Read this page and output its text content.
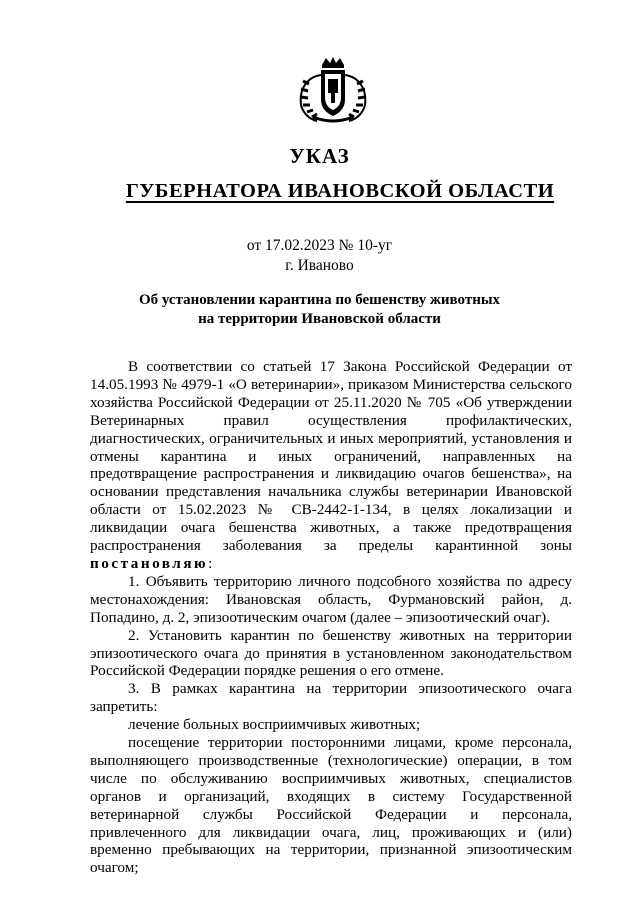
УКАЗ
ГУБЕРНАТОРА ИВАНОВСКОЙ ОБЛАСТИ
от 17.02.2023 № 10-уг
г. Иваново
Об установлении карантина по бешенству животных
на территории Ивановской области

В соответствии со статьей 17 Закона Российской Федерации от 14.05.1993 № 4979-1 «О ветеринарии», приказом Министерства сельского хозяйства Российской Федерации от 25.11.2020 № 705 «Об утверждении Ветеринарных правил осуществления профилактических, диагностических, ограничительных и иных мероприятий, установления и отмены карантина и иных ограничений, направленных на предотвращение распространения и ликвидацию очагов бешенства», на основании представления начальника службы ветеринарии Ивановской области от 15.02.2023 № СВ-2442-1-134, в целях локализации и ликвидации очага бешенства животных, а также предотвращения распространения заболевания за пределы карантинной зоны постановляю:

1. Объявить территорию личного подсобного хозяйства по адресу местонахождения: Ивановская область, Фурмановский район, д. Попадино, д. 2, эпизоотическим очагом (далее – эпизоотический очаг).

2. Установить карантин по бешенству животных на территории эпизоотического очага до принятия в установленном законодательством Российской Федерации порядке решения о его отмене.

3. В рамках карантина на территории эпизоотического очага запретить:

лечение больных восприимчивых животных;

посещение территории посторонними лицами, кроме персонала, выполняющего производственные (технологические) операции, в том числе по обслуживанию восприимчивых животных, специалистов органов и организаций, входящих в систему Государственной ветеринарной службы Российской Федерации и персонала, привлеченного для ликвидации очага, лиц, проживающих и (или) временно пребывающих на территории, признанной эпизоотическим очагом;
